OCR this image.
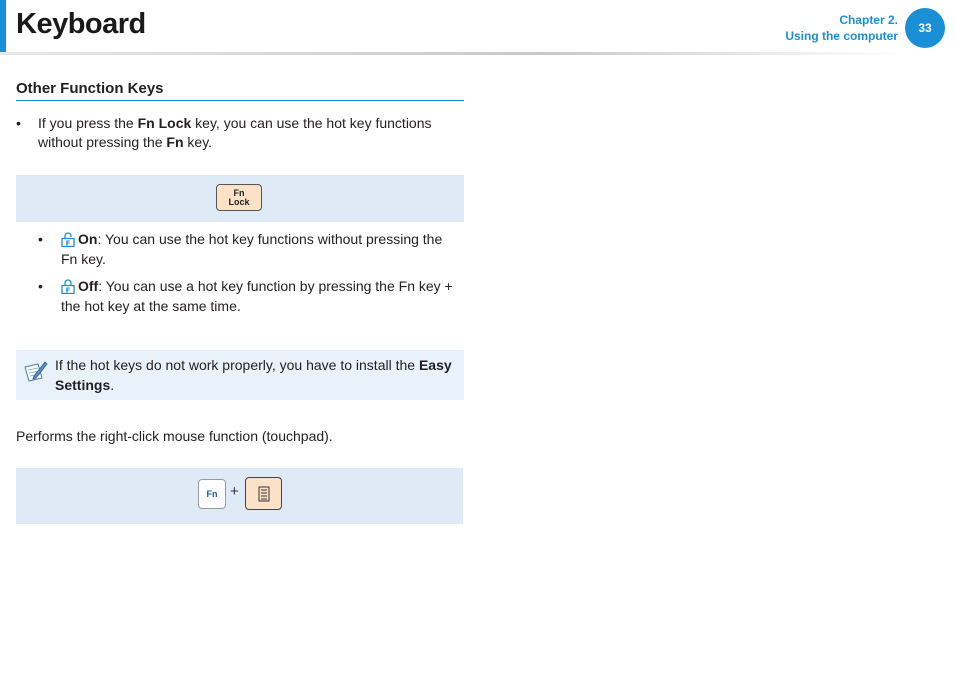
Keyboard	Chapter 2.
Using the computer
33
Other Function Keys
• If you press the Fn Lock key, you can use the hot key functions without pressing the Fn key.
Fn
Lock
•	F On: You can use the hot key functions without pressing the Fn key.
•	F Off: You can use a hot key function by pressing the Fn key + the hot key at the same time.
If the hot keys do not work properly, you have to install the Easy Settings.
Performs the right-click mouse function (touchpad).
Fn +
